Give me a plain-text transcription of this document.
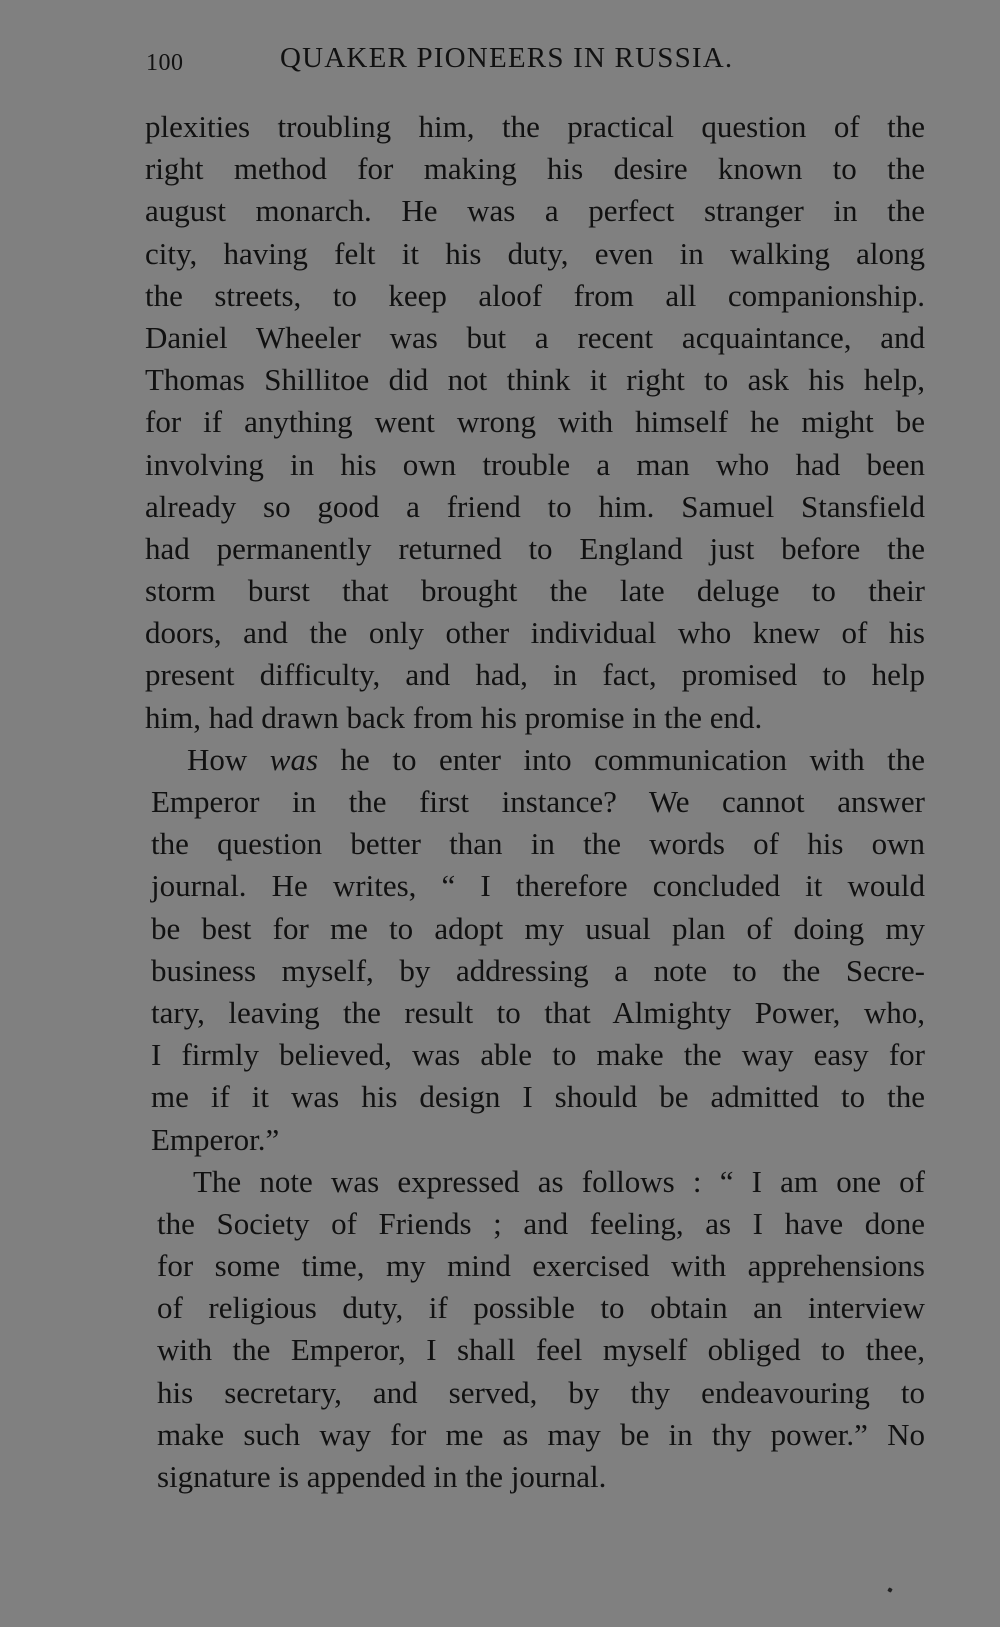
100	QUAKER PIONEERS IN RUSSIA.
plexities troubling him, the practical question of the
right method for making his desire known to the
august monarch. He was a perfect stranger in the
city, having felt it his duty, even in walking along
the streets, to keep aloof from all companionship.
Daniel Wheeler was but a recent acquaintance, and
Thomas Shillitoe did not think it right to ask his help,
for if anything went wrong with himself he might be
involving in his own trouble a man who had been
already so good a friend to him. Samuel Stansfield
had permanently returned to England just before the
storm burst that brought the late deluge to their
doors, and the only other individual who knew of his
present difficulty, and had, in fact, promised to help
him, had drawn back from his promise in the end.
How was he to enter into communication with the
Emperor in the first instance? We cannot answer
the question better than in the words of his own
journal. He writes, “ I therefore concluded it would
be best for me to adopt my usual plan of doing my
business myself, by addressing a note to the Secre-
tary, leaving the result to that Almighty Power, who,
I firmly believed, was able to make the way easy for
me if it was his design I should be admitted to the
Emperor.”
The note was expressed as follows : “ I am one of
the Society of Friends ; and feeling, as I have done
for some time, my mind exercised with apprehensions
of religious duty, if possible to obtain an interview
with the Emperor, I shall feel myself obliged to thee,
his secretary, and served, by thy endeavouring to
make such way for me as may be in thy power.” No
signature is appended in the journal.
